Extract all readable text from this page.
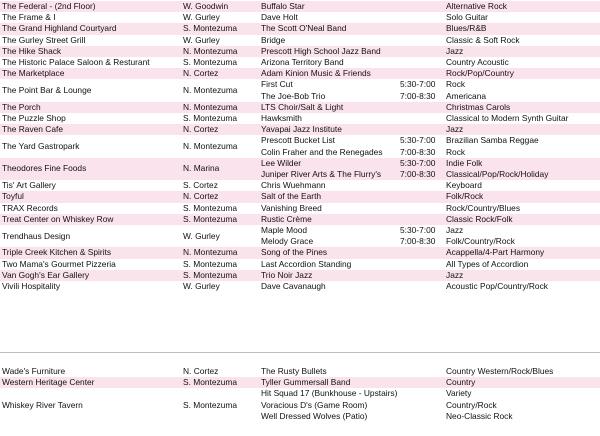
The Federal - (2nd Floor)	W. Goodwin	Buffalo Star	Alternative Rock
The Frame & I	W. Gurley	Dave Holt	Solo Guitar
The Grand Highland Courtyard	S. Montezuma	The Scott O'Neal Band	Blues/R&B
The Gurley Street Grill	W. Gurley	Bridge	Classic & Soft Rock
The Hike Shack	N. Montezuma	Prescott High School Jazz Band	Jazz
The Historic Palace Saloon & Resturant	S. Montezuma	Arizona Territory Band	Country Acoustic
The Marketplace	N. Cortez	Adam Kinion Music & Friends	Rock/Pop/Country
The Point Bar & Lounge	N. Montezuma
First Cut	5:30-7:00 Rock
The Joe-Bob Trio	7:00-8:30 Americana
The Porch	N. Montezuma	LTS Choir/Salt & Light	Christmas Carols
The Puzzle Shop	S. Montezuma	Hawksmith	Classical to Modern Synth Guitar
The Raven Cafe	N. Cortez	Yavapai Jazz Institute	Jazz
The Yard Gastropark	N. Montezuma
Prescott Bucket List	5:30-7:00 Brazilian Samba Reggae
Colin Fraher and the Renegades 7:00-8:30 Rock
Theodores Fine Foods	N. Marina
Lee Wilder	5:30-7:00 Indie Folk
Juniper River Arts & The Flurry's 7:00-8:30 Classical/Pop/Rock/Holiday
Tis' Art Gallery	S. Cortez	Chris Wuehmann	Keyboard
Toyful	N. Cortez	Salt of the Earth	Folk/Rock
TRAX Records	S. Montezuma	Vanishing Breed	Rock/Country/Blues
Treat Center on Whiskey Row	S. Montezuma	Rustic Crème	Classic Rock/Folk
Trendhaus Design	W. Gurley
Maple Mood	5:30-7:00 Jazz
Melody Grace	7:00-8:30 Folk/Country/Rock
Triple Creek Kitchen & Spirits	N. Montezuma	Song of the Pines	Acappella/4-Part Harmony
Two Mama's Gourmet Pizzeria	S. Montezuma	Last Accordion Standing	All Types of Accordion
Van Gogh's Ear Gallery	S. Montezuma	Trio Noir Jazz	Jazz
Vivili Hospitality	W. Gurley	Dave Cavanaugh	Acoustic Pop/Country/Rock
Wade's Furniture	N. Cortez	The Rusty Bullets	Country Western/Rock/Blues
Western Heritage Center	S. Montezuma	Tyller Gummersall Band	Country
Whiskey River Tavern	S. Montezuma
Hit Squad 17 (Bunkhouse - Upstairs)	Variety
Voracious D's (Game Room)	Country/Rock
Well Dressed Wolves (Patio)	Neo-Classic Rock
